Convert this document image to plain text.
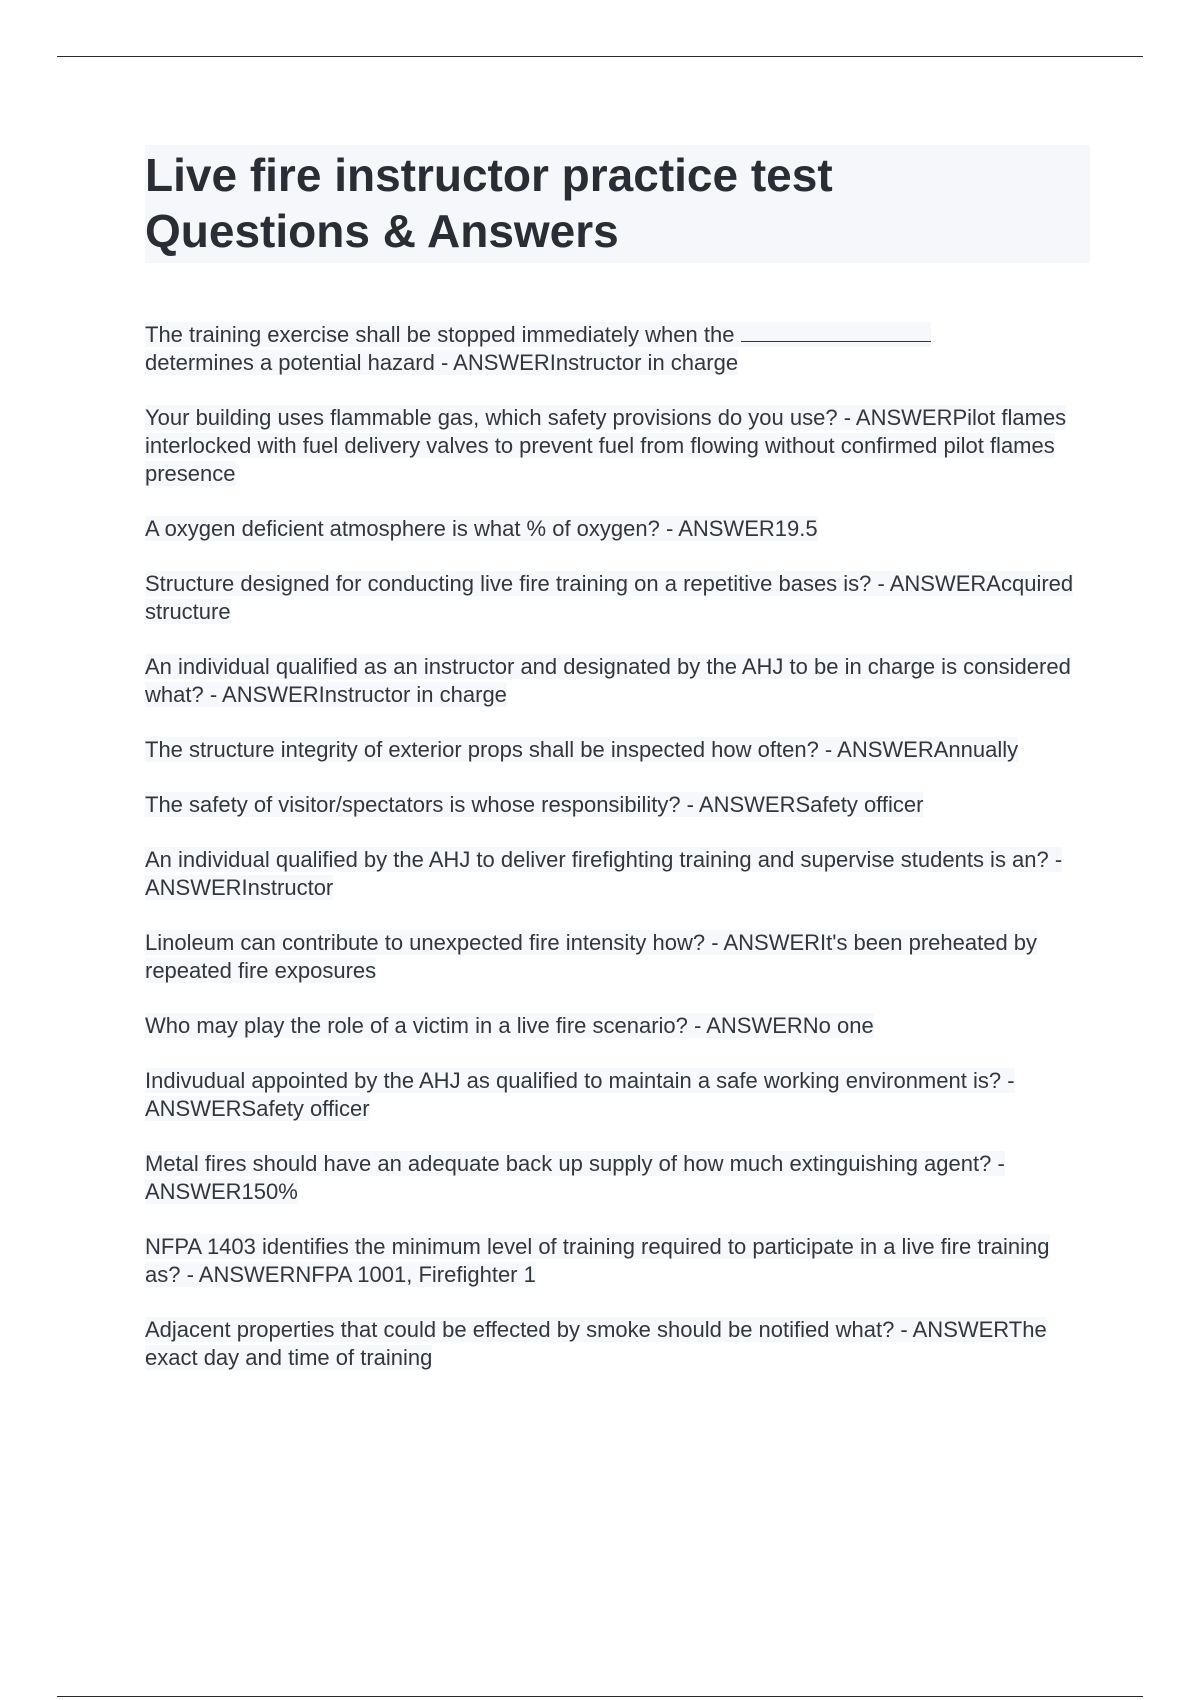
Live fire instructor practice test
Questions & Answers
The training exercise shall be stopped immediately when the
determines a potential hazard - ANSWERInstructor in charge
Your building uses flammable gas, which safety provisions do you use? - ANSWERPilot flames interlocked with fuel delivery valves to prevent fuel from flowing without confirmed pilot flames presence
A oxygen deficient atmosphere is what % of oxygen? - ANSWER19.5
Structure designed for conducting live fire training on a repetitive bases is? - ANSWERAcquired structure
An individual qualified as an instructor and designated by the AHJ to be in charge is considered what? - ANSWERInstructor in charge
The structure integrity of exterior props shall be inspected how often? - ANSWERAnnually
The safety of visitor/spectators is whose responsibility? - ANSWERSafety officer
An individual qualified by the AHJ to deliver firefighting training and supervise students is an? - ANSWERInstructor
Linoleum can contribute to unexpected fire intensity how? - ANSWERIt's been preheated by repeated fire exposures
Who may play the role of a victim in a live fire scenario? - ANSWERNo one
Indivudual appointed by the AHJ as qualified to maintain a safe working environment is? - ANSWERSafety officer
Metal fires should have an adequate back up supply of how much extinguishing agent? - ANSWER150%
NFPA 1403 identifies the minimum level of training required to participate in a live fire training as? - ANSWERNFPA 1001, Firefighter 1
Adjacent properties that could be effected by smoke should be notified what? - ANSWERThe exact day and time of training
